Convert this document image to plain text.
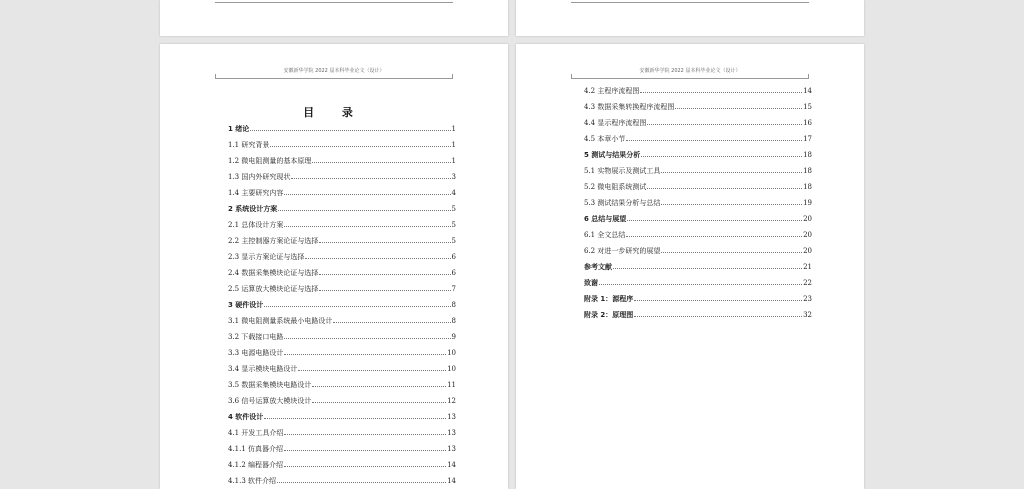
安徽新华学院 2022 届本科毕业论文（设计）
目 录
1 绪论	1
1.1 研究背景	1
1.2 微电阻测量的基本原理	1
1.3 国内外研究现状	3
1.4 主要研究内容	4
2 系统设计方案	5
2.1 总体设计方案	5
2.2 主控制器方案论证与选择	5
2.3 显示方案论证与选择	6
2.4 数据采集模块论证与选择	6
2.5 运算放大模块论证与选择	7
3 硬件设计	8
3.1 微电阻测量系统最小电路设计	8
3.2 下载接口电路	9
3.3 电源电路设计	10
3.4 显示模块电路设计	10
3.5 数据采集模块电路设计	11
3.6 信号运算放大模块设计	12
4 软件设计	13
4.1 开发工具介绍	13
4.1.1 仿真器介绍	13
4.1.2 编程器介绍	14
4.1.3 软件介绍	14
安徽新华学院 2022 届本科毕业论文（设计）
4.2 主程序流程图	14
4.3 数据采集转换程序流程图	15
4.4 显示程序流程图	16
4.5 本章小节	17
5 测试与结果分析	18
5.1 实物展示及测试工具	18
5.2 微电阻系统测试	18
5.3 测试结果分析与总结	19
6 总结与展望	20
6.1 全文总结	20
6.2 对进一步研究的展望	20
参考文献	21
致谢	22
附录 1：源程序	23
附录 2：原理图	32
